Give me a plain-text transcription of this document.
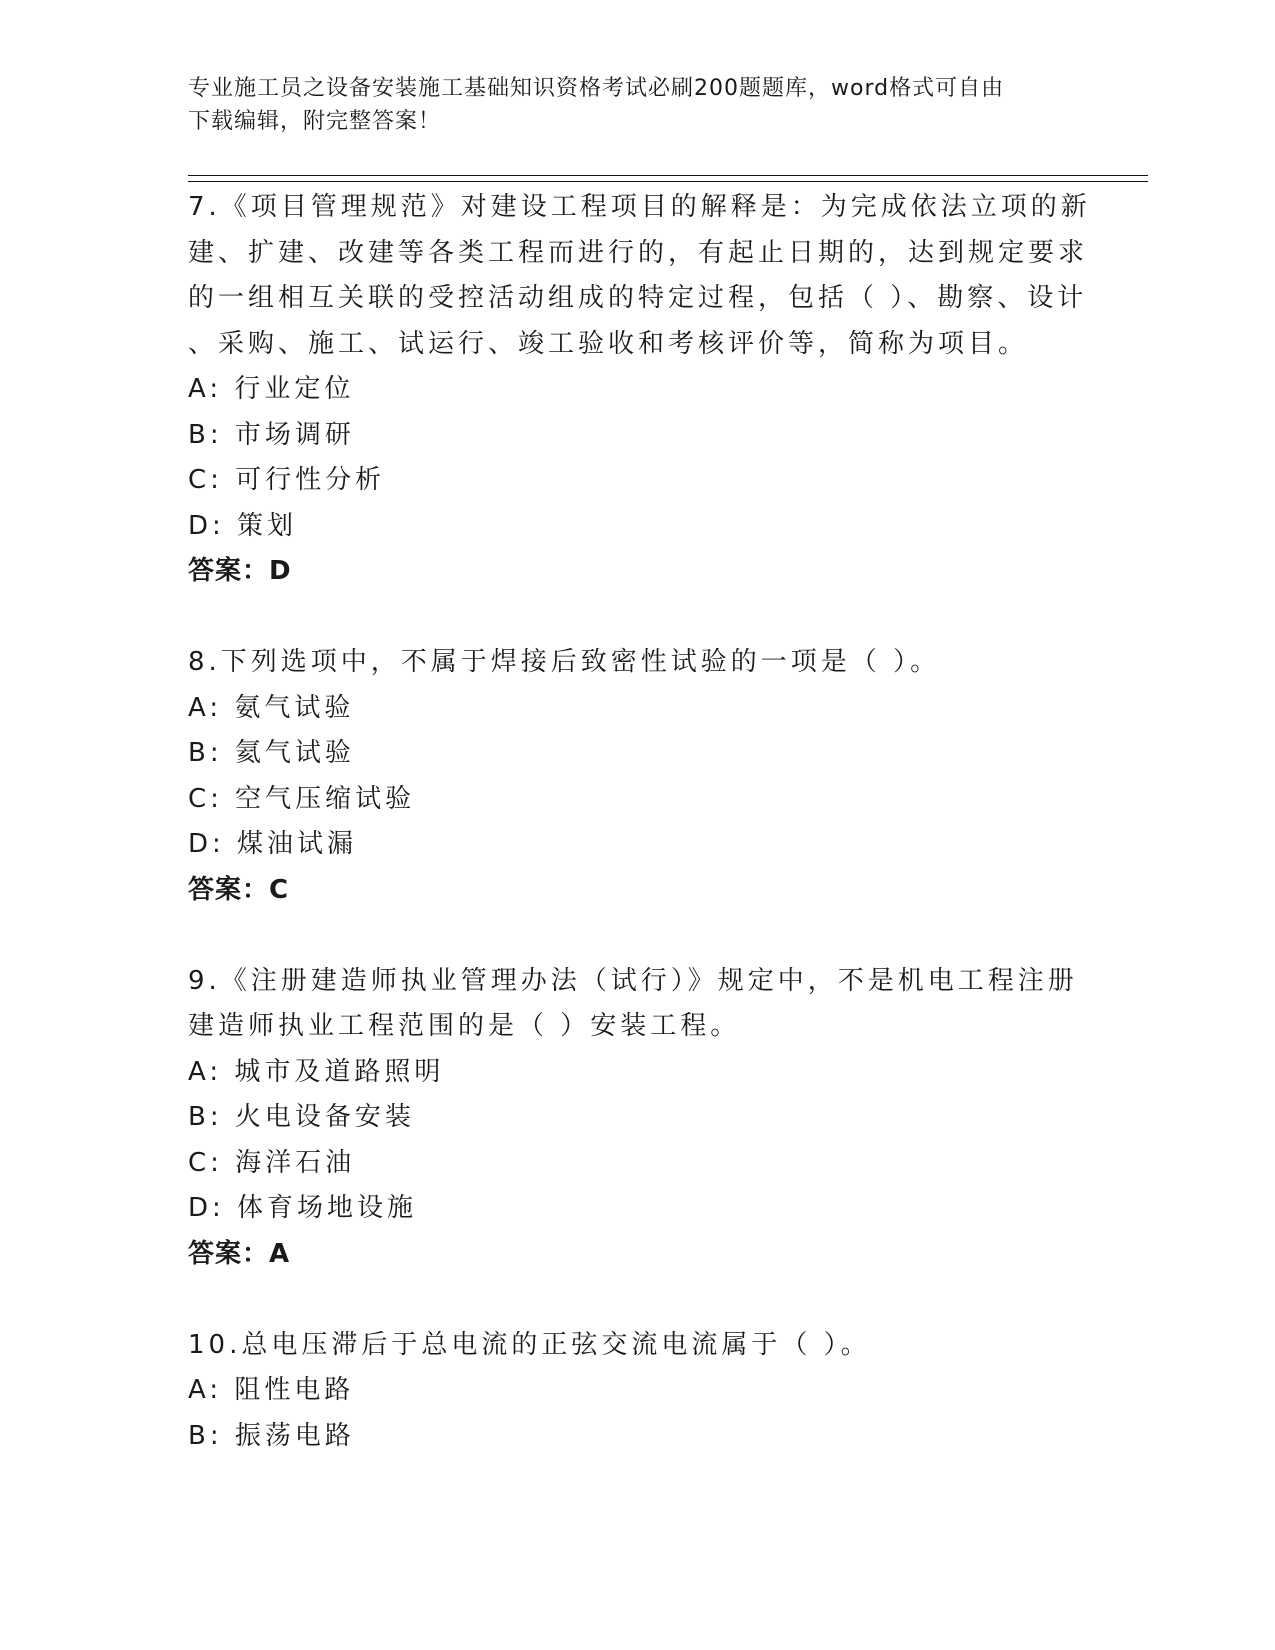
专业施工员之设备安装施工基础知识资格考试必刷200题题库，word格式可自由
下载编辑，附完整答案！
7.《项目管理规范》对建设工程项目的解释是：为完成依法立项的新
建、扩建、改建等各类工程而进行的，有起止日期的，达到规定要求
的一组相互关联的受控活动组成的特定过程，包括（ ）、勘察、设计
、采购、施工、试运行、竣工验收和考核评价等，简称为项目。
A: 行业定位
B: 市场调研
C: 可行性分析
D: 策划
答案：D
8.下列选项中，不属于焊接后致密性试验的一项是（ ）。
A: 氨气试验
B: 氦气试验
C: 空气压缩试验
D: 煤油试漏
答案：C
9.《注册建造师执业管理办法（试行）》规定中，不是机电工程注册
建造师执业工程范围的是（ ）安装工程。
A: 城市及道路照明
B: 火电设备安装
C: 海洋石油
D: 体育场地设施
答案：A
10.总电压滞后于总电流的正弦交流电流属于（ ）。
A: 阻性电路
B: 振荡电路
